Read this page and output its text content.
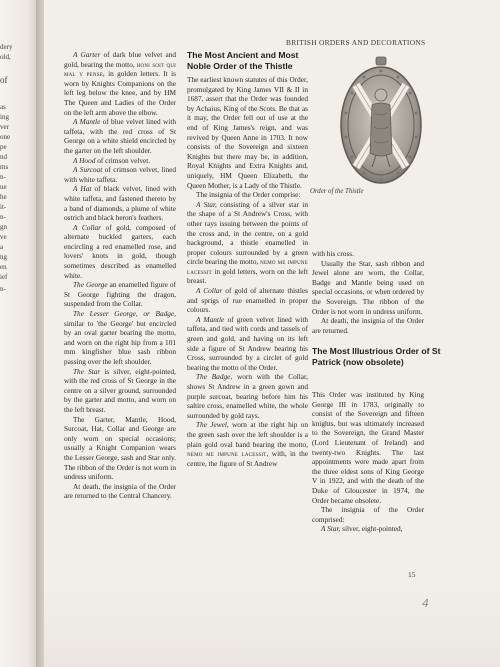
dery
old,
of
as
ing
ver
one
pe
nd
ms
n-
ue
he
it-
n-
gn
ve
a
ng
en
ief
n-
BRITISH ORDERS AND DECORATIONS

A Garter of dark blue velvet and gold, bearing the motto, honi soit qui mal y pense, in golden letters. It is worn by Knights Companions on the left leg below the knee, and by HM The Queen and Ladies of the Order on the left arm above the elbow.

A Mantle of blue velvet lined with taffeta, with the red cross of St George on a white shield encircled by the garter on the left shoulder.

A Hood of crimson velvet.

A Surcoat of crimson velvet, lined with white taffeta.

A Hat of black velvet, lined with white taffeta, and fastened thereto by a band of diamonds, a plume of white ostrich and black heron's feathers.

A Collar of gold, composed of alternate buckled garters, each encircling a red enamelled rose, and lovers' knots in gold, though sometimes described as enamelled white.

The George an enamelled figure of St George fighting the dragon, suspended from the Collar.

The Lesser George, or Badge, similar to 'the George' but encircled by an oval garter bearing the motto, and worn on the right hip from a 101 mm kingfisher blue sash ribbon passing over the left shoulder.

The Star is silver, eight-pointed, with the red cross of St George in the centre on a silver ground, surrounded by the garter and motto, and worn on the left breast.

The Garter, Mantle, Hood, Surcoat, Hat, Collar and George are only worn on special occasions; usually a Knight Companion wears the Lesser George, sash and Star only. The ribbon of the Order is not worn in undress uniform.

At death, the insignia of the Order are returned to the Central Chancery.

The Most Ancient and Most Noble Order of the Thistle

The earliest known statutes of this Order, promulgated by King James VII & II in 1687, assert that the Order was founded by Achaius, King of the Scots. Be that as it may, the Order fell out of use at the end of King James's reign, and was revived by Queen Anne in 1703. It now consists of the Sovereign and sixteen Knights but there may be, in addition, Royal Knights and Extra Knights and, uniquely, HM Queen Elizabeth, the Queen Mother, is a Lady of the Thistle.

The insignia of the Order comprise:

A Star, consisting of a silver star in the shape of a St Andrew's Cross, with other rays issuing between the points of the cross and, in the centre, on a gold background, a thistle enamelled in proper colours surrounded by a green circle bearing the motto, nemo me impune lacessit in gold letters, worn on the left breast.

A Collar of gold of alternate thistles and sprigs of rue enamelled in proper colours.

A Mantle of green velvet lined with taffeta, and tied with cords and tassels of green and gold, and having on its left side a figure of St Andrew bearing his Cross, surrounded by a circlet of gold bearing the motto of the Order.

The Badge, worn with the Collar, shows St Andrew in a green gown and purple surcoat, bearing before him his saltire cross, enamelled white, the whole surrounded by gold rays.

The Jewel, worn at the right hip on the green sash over the left shoulder is a plain gold oval band bearing the motto, nemo me impune lacessit, with, in the centre, the figure of St Andrew

Order of the Thistle

with his cross.

Usually the Star, sash ribbon and Jewel alone are worn, the Collar, Badge and Mantle being used on special occasions, or when ordered by the Sovereign. The ribbon of the Order is not worn in undress uniform.

At death, the insignia of the Order are returned.

The Most Illustrious Order of St Patrick (now obsolete)

This Order was instituted by King George III in 1783, originally to consist of the Sovereign and fifteen knights, but was ultimately increased to the Sovereign, the Grand Master (Lord Lieutenant of Ireland) and twenty-two Knights. The last appointments were made apart from the three eldest sons of King George V in 1922, and with the death of the Duke of Gloucester in 1974, the Order became obsolete.

The insignia of the Order comprised:

A Star, silver, eight-pointed,

15
4
